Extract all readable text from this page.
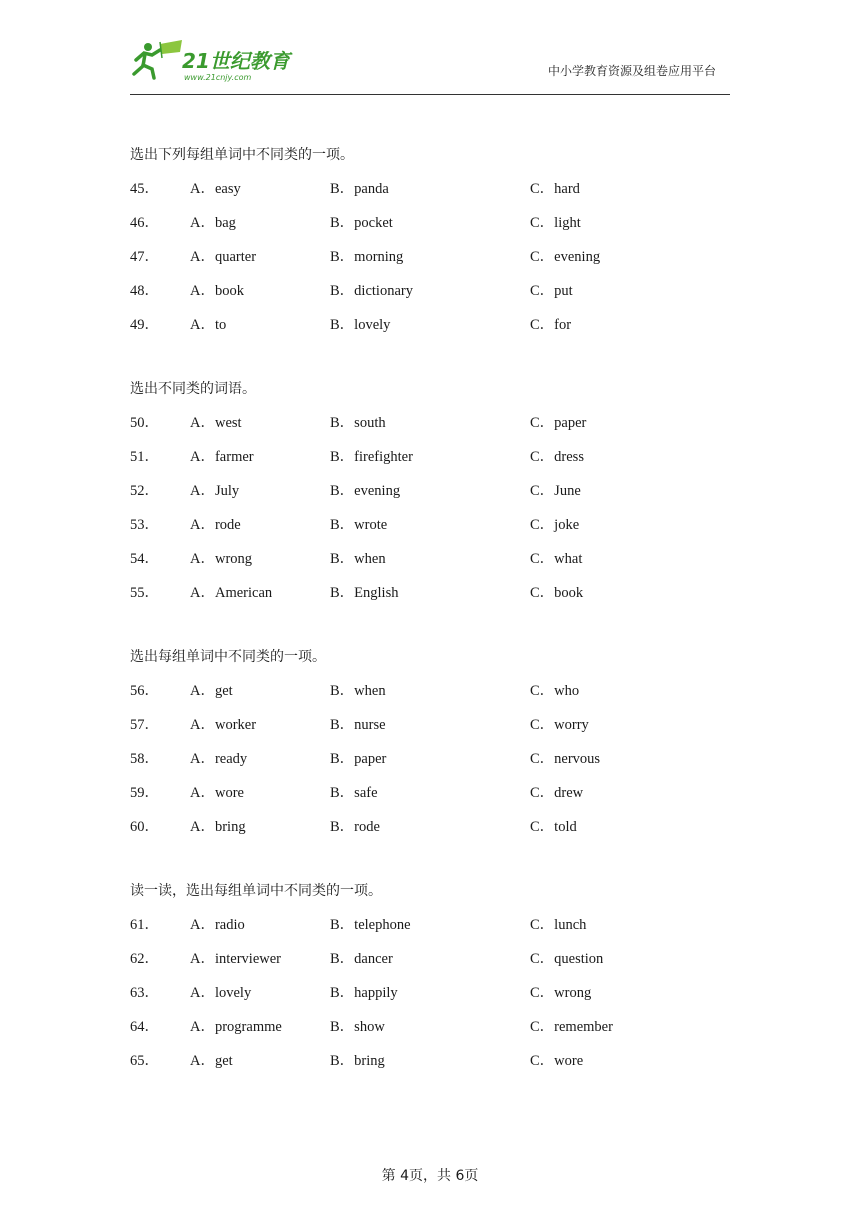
21世纪教育
www.21cnjy.com	中小学教育资源及组卷应用平台
选出下列每组单词中不同类的一项。
45． A．easy	B．panda	C．hard
46． A．bag	B．pocket	C．light
47． A．quarter	B．morning	C．evening
48． A．book	B．dictionary	C．put
49． A．to	B．lovely	C．for
选出不同类的词语。
50． A．west	B．south	C．paper
51． A．farmer	B．firefighter	C．dress
52． A．July	B．evening	C．June
53． A．rode	B．wrote	C．joke
54． A．wrong	B．when	C．what
55． A．American	B．English	C．book
选出每组单词中不同类的一项。
56． A．get	B．when	C．who
57． A．worker	B．nurse	C．worry
58． A．ready	B．paper	C．nervous
59． A．wore	B．safe	C．drew
60． A．bring	B．rode	C．told
读一读，选出每组单词中不同类的一项。
61． A．radio	B．telephone	C．lunch
62． A．interviewer	B．dancer	C．question
63． A．lovely	B．happily	C．wrong
64． A．programme	B．show	C．remember
65． A．get	B．bring	C．wore
第 4页，共 6页
